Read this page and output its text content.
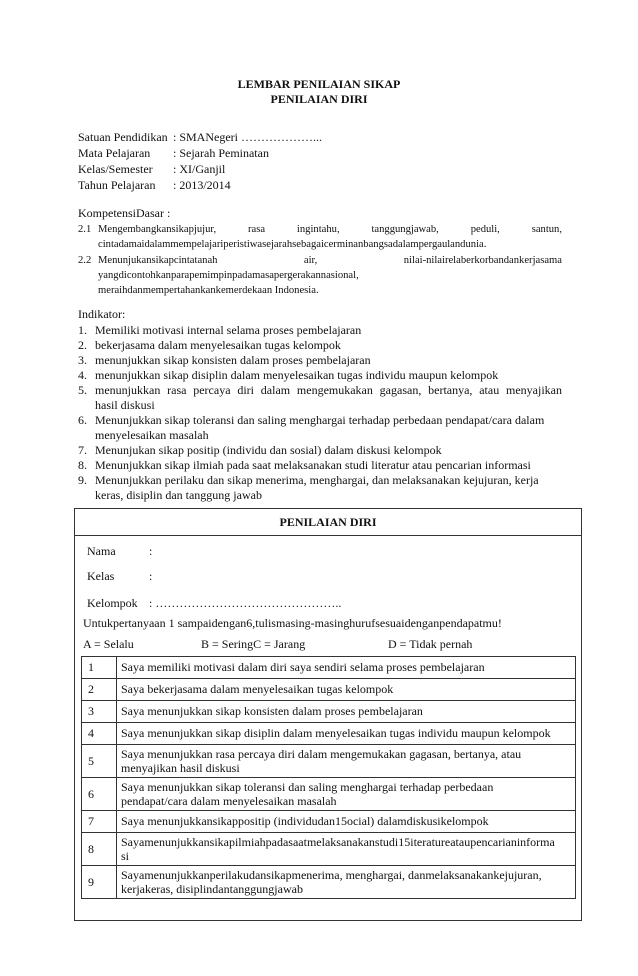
LEMBAR PENILAIAN SIKAP
PENILAIAN DIRI
Satuan Pendidikan : SMANegeri ………………...
Mata Pelajaran : Sejarah Peminatan
Kelas/Semester : XI/Ganjil
Tahun Pelajaran : 2013/2014
KompetensiDasar :
2.1 Mengembangkansikapjujur, rasa ingintahu, tanggungjawab, peduli, santun,
cintadamaidalammempelajariperistiwasejarahsebagaicerminanbangsadalampergaulandunia.
2.2 Menunjukansikapcintatanah air, nilai-nilairelaberkorbandankerjasama
yangdicontohkanparapemimpinpadamasapergerakannasional,
meraihdanmempertahankankemerdekaan Indonesia.
Indikator:
1. Memiliki motivasi internal selama proses pembelajaran
2. bekerjasama dalam menyelesaikan tugas kelompok
3. menunjukkan sikap konsisten dalam proses pembelajaran
4. menunjukkan sikap disiplin dalam menyelesaikan tugas individu maupun kelompok
5. menunjukkan rasa percaya diri dalam mengemukakan gagasan, bertanya, atau menyajikan
hasil diskusi
6. Menunjukkan sikap toleransi dan saling menghargai terhadap perbedaan pendapat/cara dalam
menyelesaikan masalah
7. Menunjukan sikap positip (individu dan sosial) dalam diskusi kelompok
8. Menunjukkan sikap ilmiah pada saat melaksanakan studi literatur atau pencarian informasi
9. Menunjukkan perilaku dan sikap menerima, menghargai, dan melaksanakan kejujuran, kerja
keras, disiplin dan tanggung jawab
PENILAIAN DIRI
Nama	:
Kelas	:
Kelompok : ………………………………………..
Untukpertanyaan 1 sampaidengan6,tulismasing-masinghurufsesuaidenganpendapatmu!
A = Selalu	B = SeringC = Jarang	D = Tidak pernah
1	Saya memiliki motivasi dalam diri saya sendiri selama proses pembelajaran
2	Saya bekerjasama dalam menyelesaikan tugas kelompok
3	Saya menunjukkan sikap konsisten dalam proses pembelajaran
4	Saya menunjukkan sikap disiplin dalam menyelesaikan tugas individu maupun kelompok
5	Saya menunjukkan rasa percaya diri dalam mengemukakan gagasan, bertanya, atau
menyajikan hasil diskusi
6	Saya menunjukkan sikap toleransi dan saling menghargai terhadap perbedaan
pendapat/cara dalam menyelesaikan masalah
7	Saya menunjukkansikappositip (individudan15ocial) dalamdiskusikelompok
8	Sayamenunjukkansikapilmiahpadasaatmelaksanakanstudi15iteratureataupencarianinforma
si
9	Sayamenunjukkanperilakudansikapmenerima, menghargai, danmelaksanakankejujuran,
kerjakeras, disiplindantanggungjawab
